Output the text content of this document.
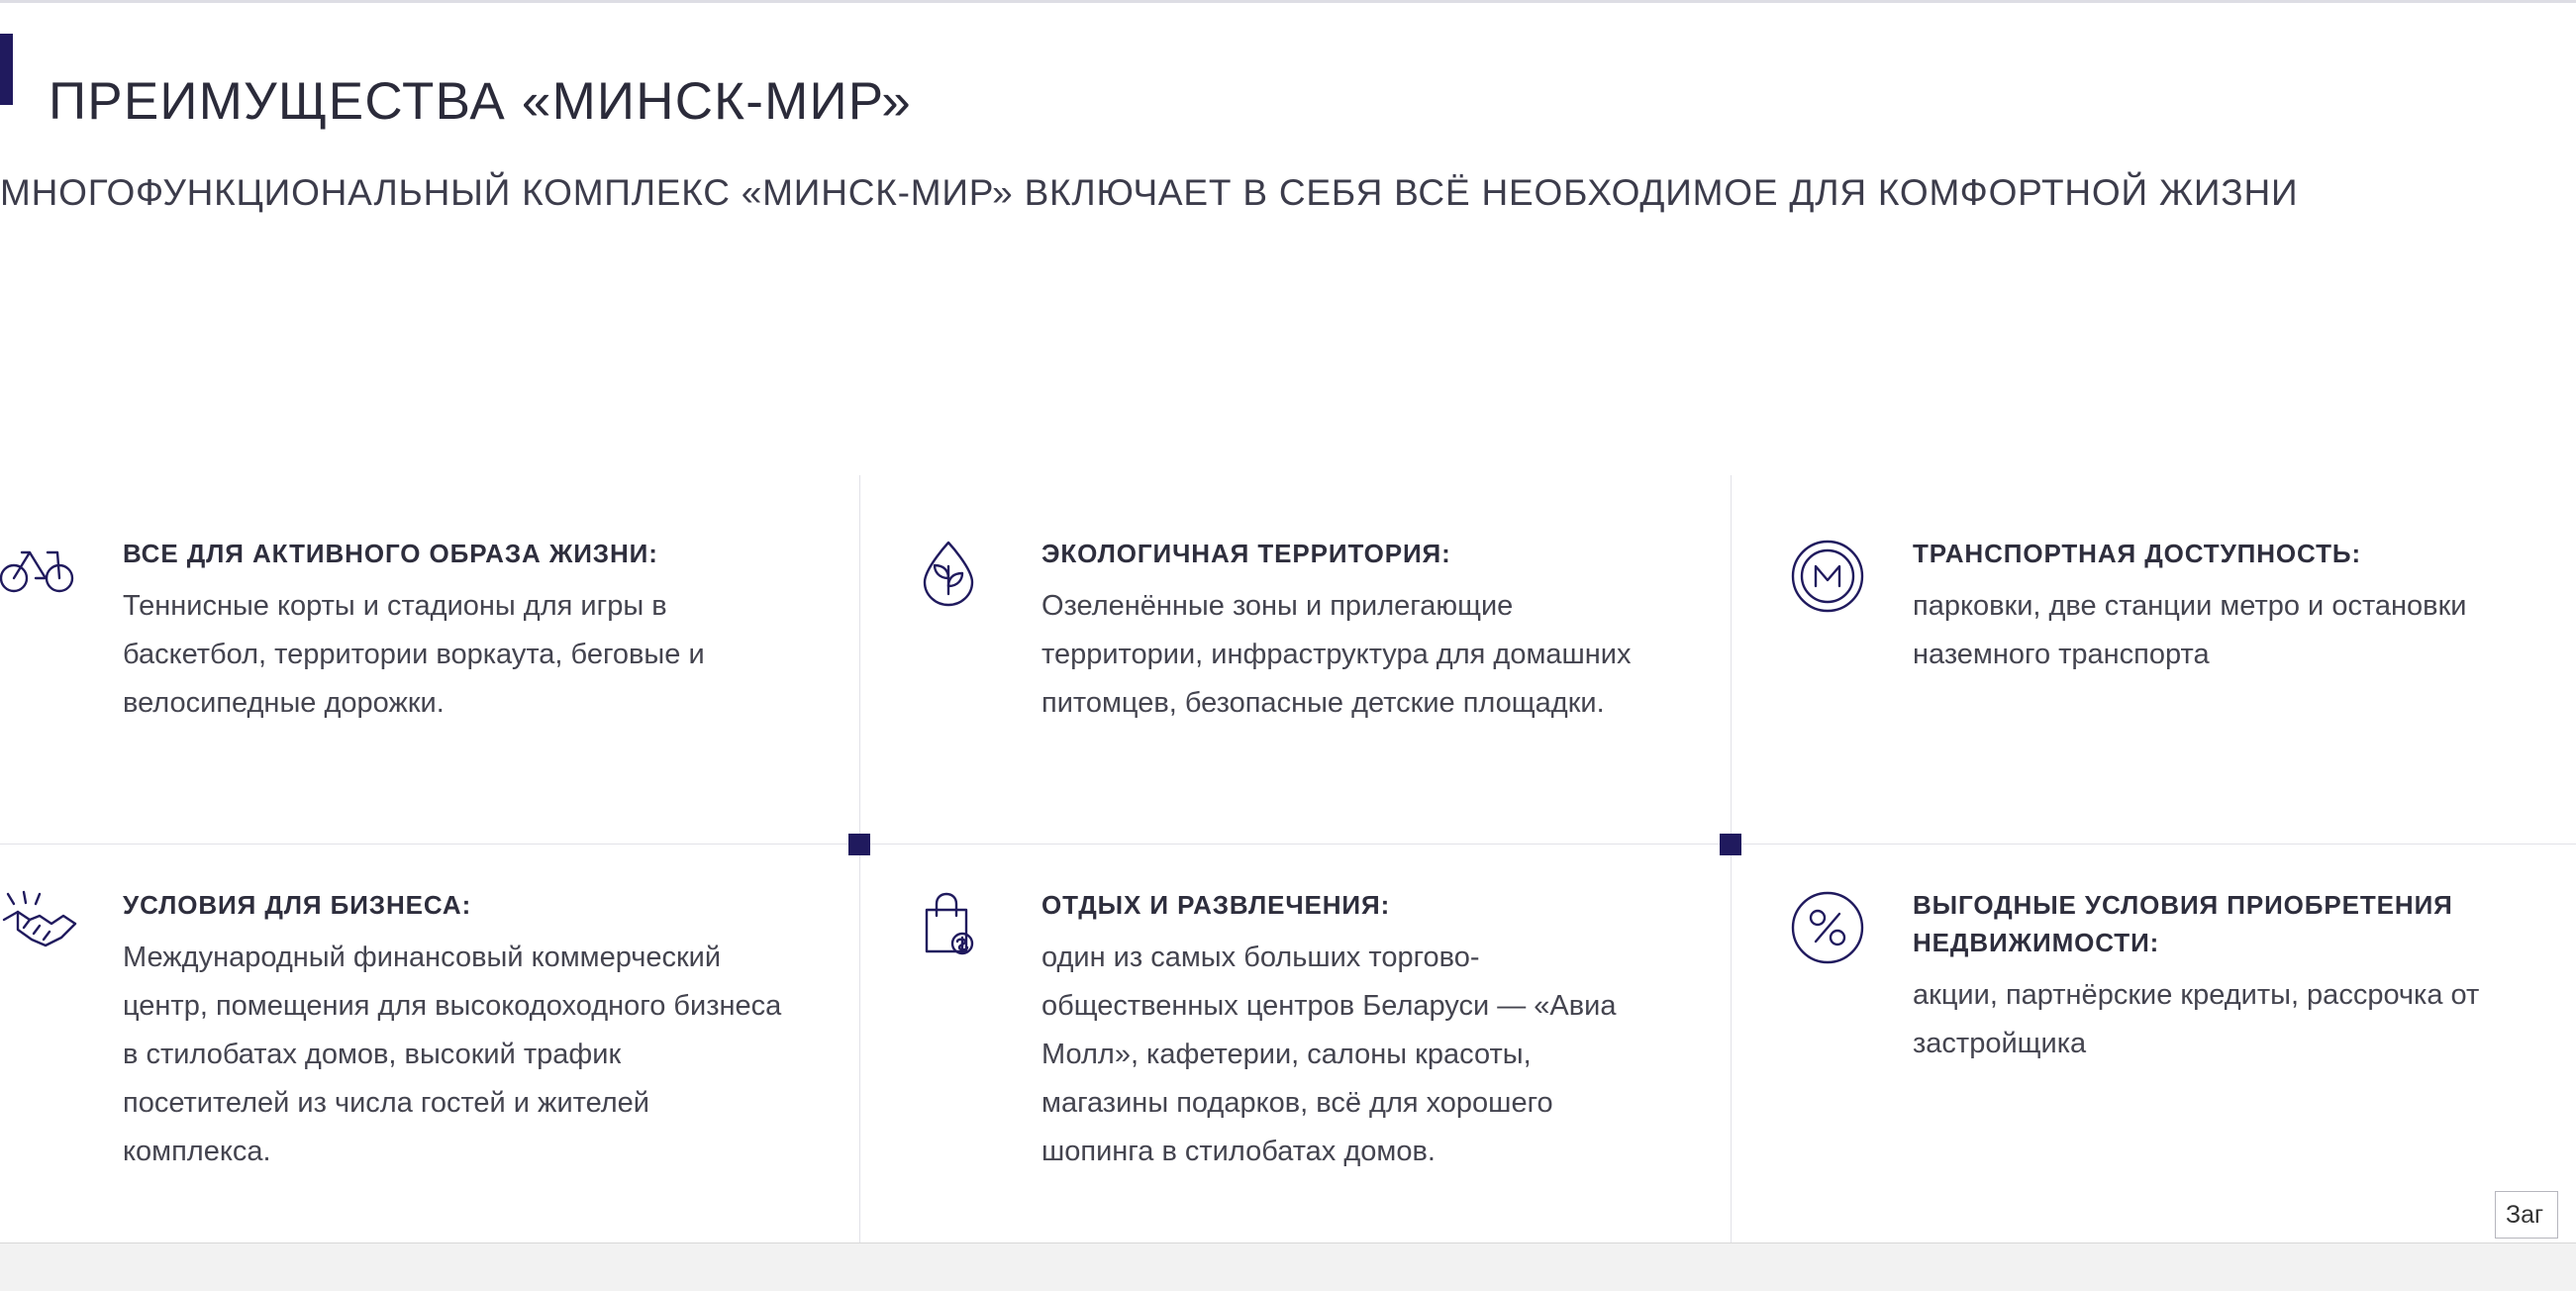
ПРЕИМУЩЕСТВА «МИНСК-МИР»
МНОГОФУНКЦИОНАЛЬНЫЙ КОМПЛЕКС «МИНСК-МИР» ВКЛЮЧАЕТ В СЕБЯ ВСЁ НЕОБХОДИМОЕ ДЛЯ КОМФОРТНОЙ ЖИЗНИ
ВСЕ ДЛЯ АКТИВНОГО ОБРАЗА ЖИЗНИ:
Теннисные корты и стадионы для игры в баскетбол, территории воркаута, беговые и велосипедные дорожки.
ЭКОЛОГИЧНАЯ ТЕРРИТОРИЯ:
Озеленённые зоны и прилегающие территории, инфраструктура для домашних питомцев, безопасные детские площадки.
ТРАНСПОРТНАЯ ДОСТУПНОСТЬ:
парковки, две станции метро и остановки наземного транспорта
УСЛОВИЯ ДЛЯ БИЗНЕСА:
Международный финансовый коммерческий центр, помещения для высокодоходного бизнеса в стилобатах домов, высокий трафик посетителей из числа гостей и жителей комплекса.
ОТДЫХ И РАЗВЛЕЧЕНИЯ:
один из самых больших торгово-общественных центров Беларуси — «Авиа Молл», кафетерии, салоны красоты, магазины подарков, всё для хорошего шопинга в стилобатах домов.
ВЫГОДНЫЕ УСЛОВИЯ ПРИОБРЕТЕНИЯ НЕДВИЖИМОСТИ:
акции, партнёрские кредиты, рассрочка от застройщика
Заг
